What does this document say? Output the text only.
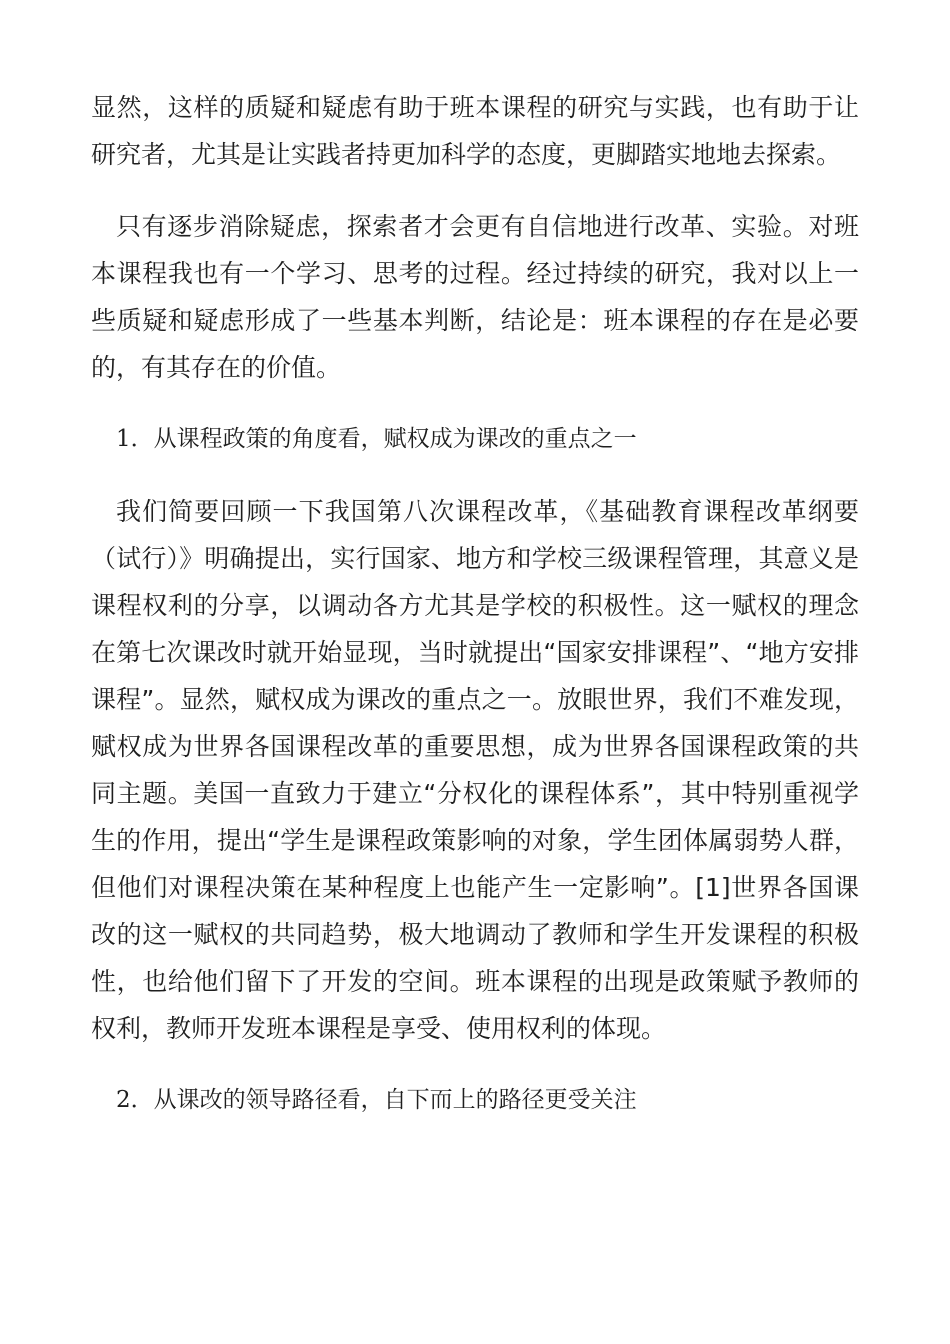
显然，这样的质疑和疑虑有助于班本课程的研究与实践，也有助于让研究者，尤其是让实践者持更加科学的态度，更脚踏实地地去探索。

只有逐步消除疑虑，探索者才会更有自信地进行改革、实验。对班本课程我也有一个学习、思考的过程。经过持续的研究，我对以上一些质疑和疑虑形成了一些基本判断，结论是：班本课程的存在是必要的，有其存在的价值。

1．从课程政策的角度看，赋权成为课改的重点之一

我们简要回顾一下我国第八次课程改革，《基础教育课程改革纲要（试行）》明确提出，实行国家、地方和学校三级课程管理，其意义是课程权利的分享，以调动各方尤其是学校的积极性。这一赋权的理念在第七次课改时就开始显现，当时就提出“国家安排课程”、“地方安排课程”。显然，赋权成为课改的重点之一。放眼世界，我们不难发现，赋权成为世界各国课程改革的重要思想，成为世界各国课程政策的共同主题。美国一直致力于建立“分权化的课程体系”，其中特别重视学生的作用，提出“学生是课程政策影响的对象，学生团体属弱势人群，但他们对课程决策在某种程度上也能产生一定影响”。[1]世界各国课改的这一赋权的共同趋势，极大地调动了教师和学生开发课程的积极性，也给他们留下了开发的空间。班本课程的出现是政策赋予教师的权利，教师开发班本课程是享受、使用权利的体现。

2．从课改的领导路径看，自下而上的路径更受关注
